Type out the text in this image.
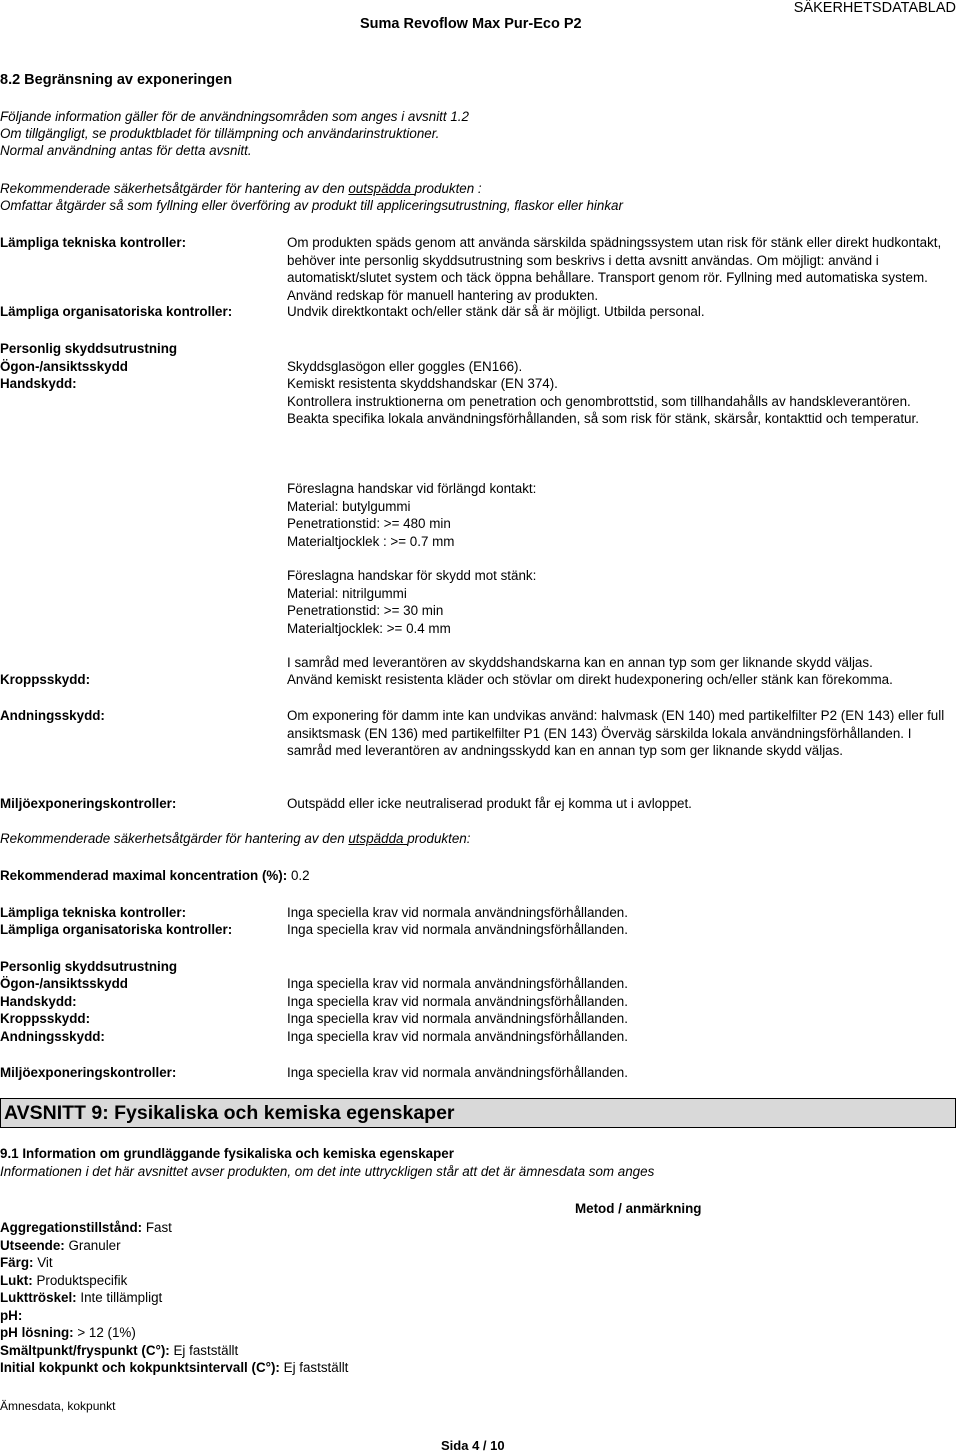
Suma Revoflow Max Pur-Eco P2
SÄKERHETSDATABLAD
8.2 Begränsning av exponeringen
Följande information gäller för de användningsområden som anges i avsnitt 1.2
Om tillgängligt, se produktbladet för tillämpning och användarinstruktioner.
Normal användning antas för detta avsnitt.
Rekommenderade säkerhetsåtgärder för hantering av den outspädda produkten :
Omfattar åtgärder så som fyllning eller överföring av produkt till appliceringsutrustning, flaskor eller hinkar
Lämpliga tekniska kontroller:	Om produkten späds genom att använda särskilda spädningssystem utan risk för stänk eller direkt hudkontakt, behöver inte personlig skyddsutrustning som beskrivs i detta avsnitt användas. Om möjligt: använd i automatiskt/slutet system och täck öppna behållare. Transport genom rör. Fyllning med automatiska system. Använd redskap för manuell hantering av produkten.
Lämpliga organisatoriska kontroller:	Undvik direktkontakt och/eller stänk där så är möjligt. Utbilda personal.
Personlig skyddsutrustning
Ögon-/ansiktsskydd	Skyddsglasögon eller goggles (EN166).
Handskydd:	Kemiskt resistenta skyddshandskar (EN 374).

Kontrollera instruktionerna om penetration och genombrottstid, som tillhandahålls av handskleverantören.

Beakta specifika lokala användningsförhållanden, så som risk för stänk, skärsår, kontakttid och temperatur.

Föreslagna handskar vid förlängd kontakt:

Material: butylgummi

Penetrationstid: >= 480 min

Materialtjocklek : >= 0.7 mm

Föreslagna handskar för skydd mot stänk:

Material: nitrilgummi

Penetrationstid: >= 30 min

Materialtjocklek: >= 0.4 mm

I samråd med leverantören av skyddshandskarna kan en annan typ som ger liknande skydd väljas.
Kroppsskydd:	Använd kemiskt resistenta kläder och stövlar om direkt hudexponering och/eller stänk kan förekomma.
Andningsskydd:	Om exponering för damm inte kan undvikas använd: halvmask (EN 140) med partikelfilter P2 (EN 143) eller full ansiktsmask (EN 136) med partikelfilter P1 (EN 143) Överväg särskilda lokala användningsförhållanden. I samråd med leverantören av andningsskydd kan en annan typ som ger liknande skydd väljas.
Miljöexponeringskontroller:	Outspädd eller icke neutraliserad produkt får ej komma ut i avloppet.
Rekommenderade säkerhetsåtgärder för hantering av den utspädda produkten:
Rekommenderad maximal koncentration (%): 0.2
Lämpliga tekniska kontroller:	Inga speciella krav vid normala användningsförhållanden.
Lämpliga organisatoriska kontroller:	Inga speciella krav vid normala användningsförhållanden.
Personlig skyddsutrustning
Ögon-/ansiktsskydd	Inga speciella krav vid normala användningsförhållanden.
Handskydd:	Inga speciella krav vid normala användningsförhållanden.
Kroppsskydd:	Inga speciella krav vid normala användningsförhållanden.
Andningsskydd:	Inga speciella krav vid normala användningsförhållanden.
Miljöexponeringskontroller:	Inga speciella krav vid normala användningsförhållanden.
AVSNITT 9: Fysikaliska och kemiska egenskaper
9.1 Information om grundläggande fysikaliska och kemiska egenskaper
Informationen i det här avsnittet avser produkten, om det inte uttryckligen står att det är ämnesdata som anges
Metod / anmärkning
Aggregationstillstånd: Fast
Utseende: Granuler
Färg: Vit
Lukt: Produktspecifik
Lukttröskel: Inte tillämpligt
pH:
pH lösning: > 12 (1%)
Smältpunkt/fryspunkt (C°): Ej fastställt
Initial kokpunkt och kokpunktsintervall (C°): Ej fastställt
Ämnesdata, kokpunkt
Sida 4 / 10
